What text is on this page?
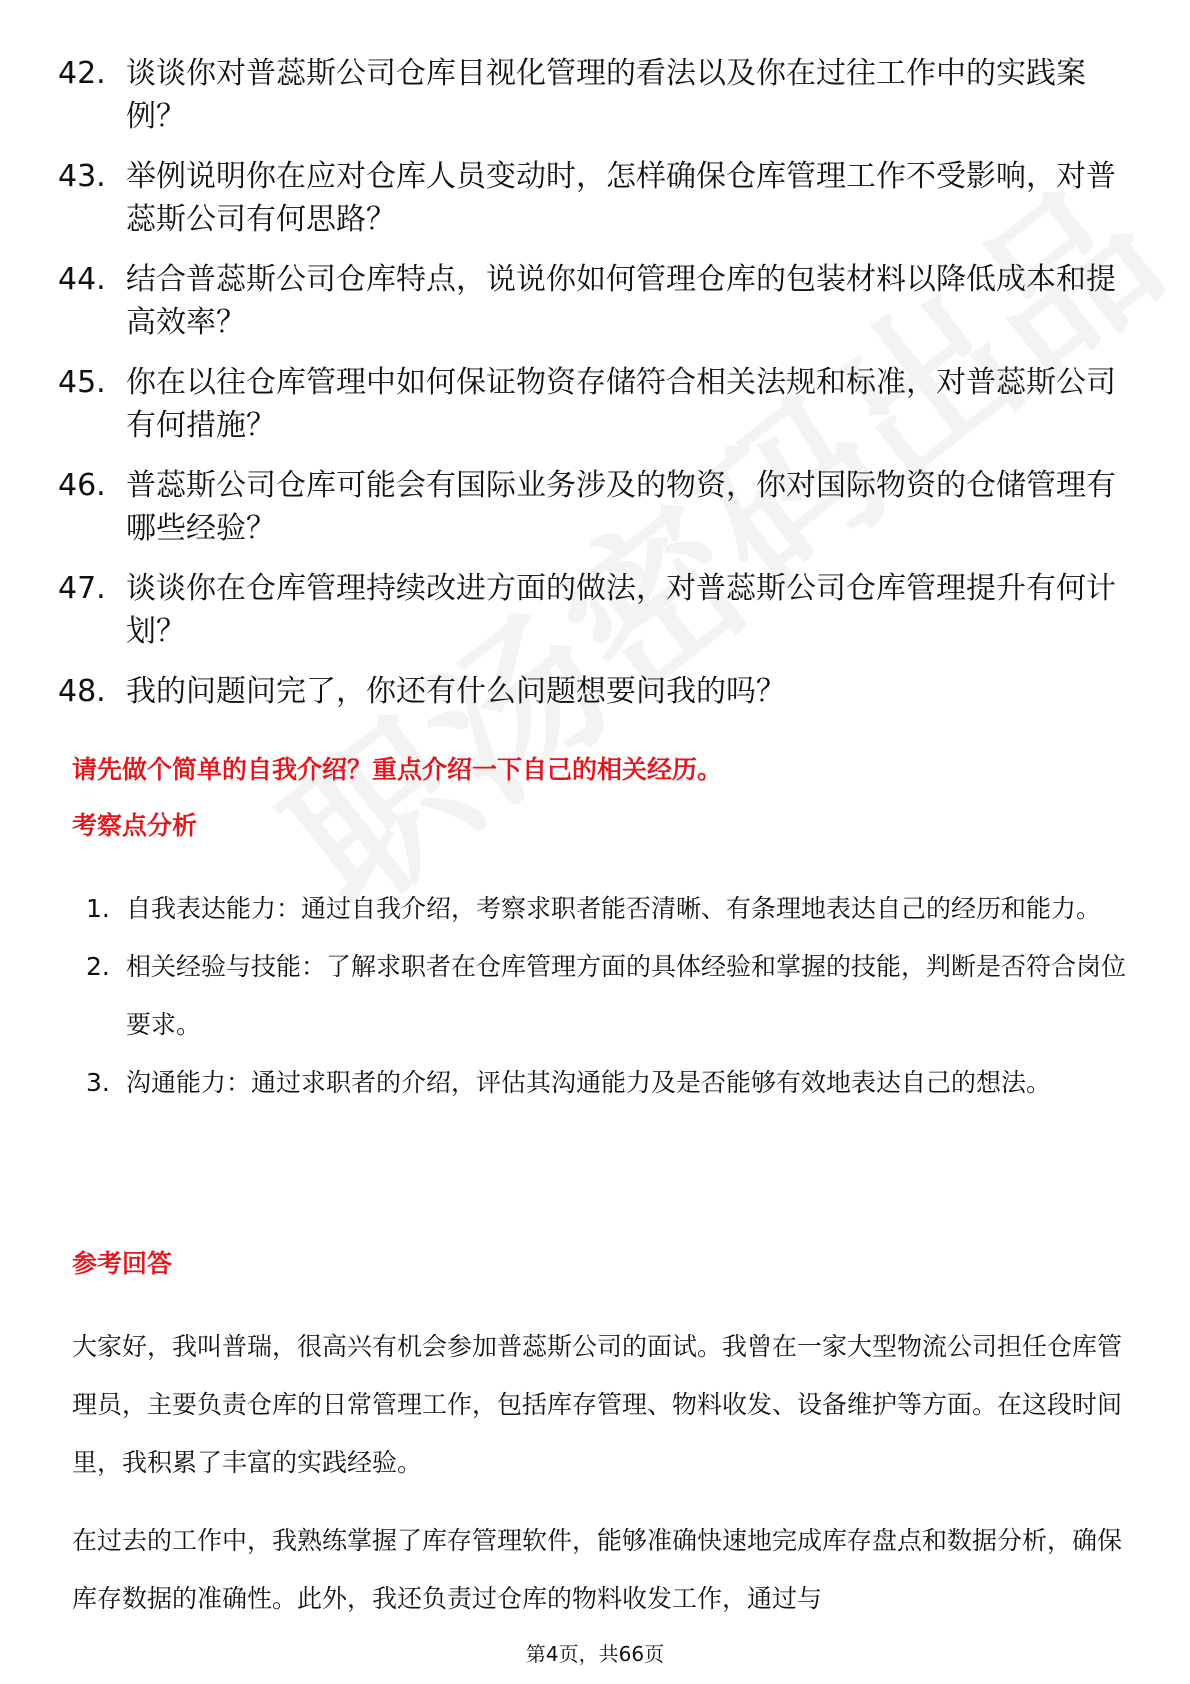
42. 谈谈你对普蕊斯公司仓库目视化管理的看法以及你在过往工作中的实践案例？
43. 举例说明你在应对仓库人员变动时，怎样确保仓库管理工作不受影响，对普蕊斯公司有何思路？
44. 结合普蕊斯公司仓库特点，说说你如何管理仓库的包装材料以降低成本和提高效率？
45. 你在以往仓库管理中如何保证物资存储符合相关法规和标准，对普蕊斯公司有何措施？
46. 普蕊斯公司仓库可能会有国际业务涉及的物资，你对国际物资的仓储管理有哪些经验？
47. 谈谈你在仓库管理持续改进方面的做法，对普蕊斯公司仓库管理提升有何计划？
48. 我的问题问完了，你还有什么问题想要问我的吗？
请先做个简单的自我介绍？重点介绍一下自己的相关经历。
考察点分析
1. 自我表达能力：通过自我介绍，考察求职者能否清晰、有条理地表达自己的经历和能力。
2. 相关经验与技能：了解求职者在仓库管理方面的具体经验和掌握的技能，判断是否符合岗位要求。
3. 沟通能力：通过求职者的介绍，评估其沟通能力及是否能够有效地表达自己的想法。
参考回答

大家好，我叫普瑞，很高兴有机会参加普蕊斯公司的面试。我曾在一家大型物流公司担任仓库管理员，主要负责仓库的日常管理工作，包括库存管理、物料收发、设备维护等方面。在这段时间里，我积累了丰富的实践经验。

在过去的工作中，我熟练掌握了库存管理软件，能够准确快速地完成库存盘点和数据分析，确保库存数据的准确性。此外，我还负责过仓库的物料收发工作，通过与

第4页，共66页
